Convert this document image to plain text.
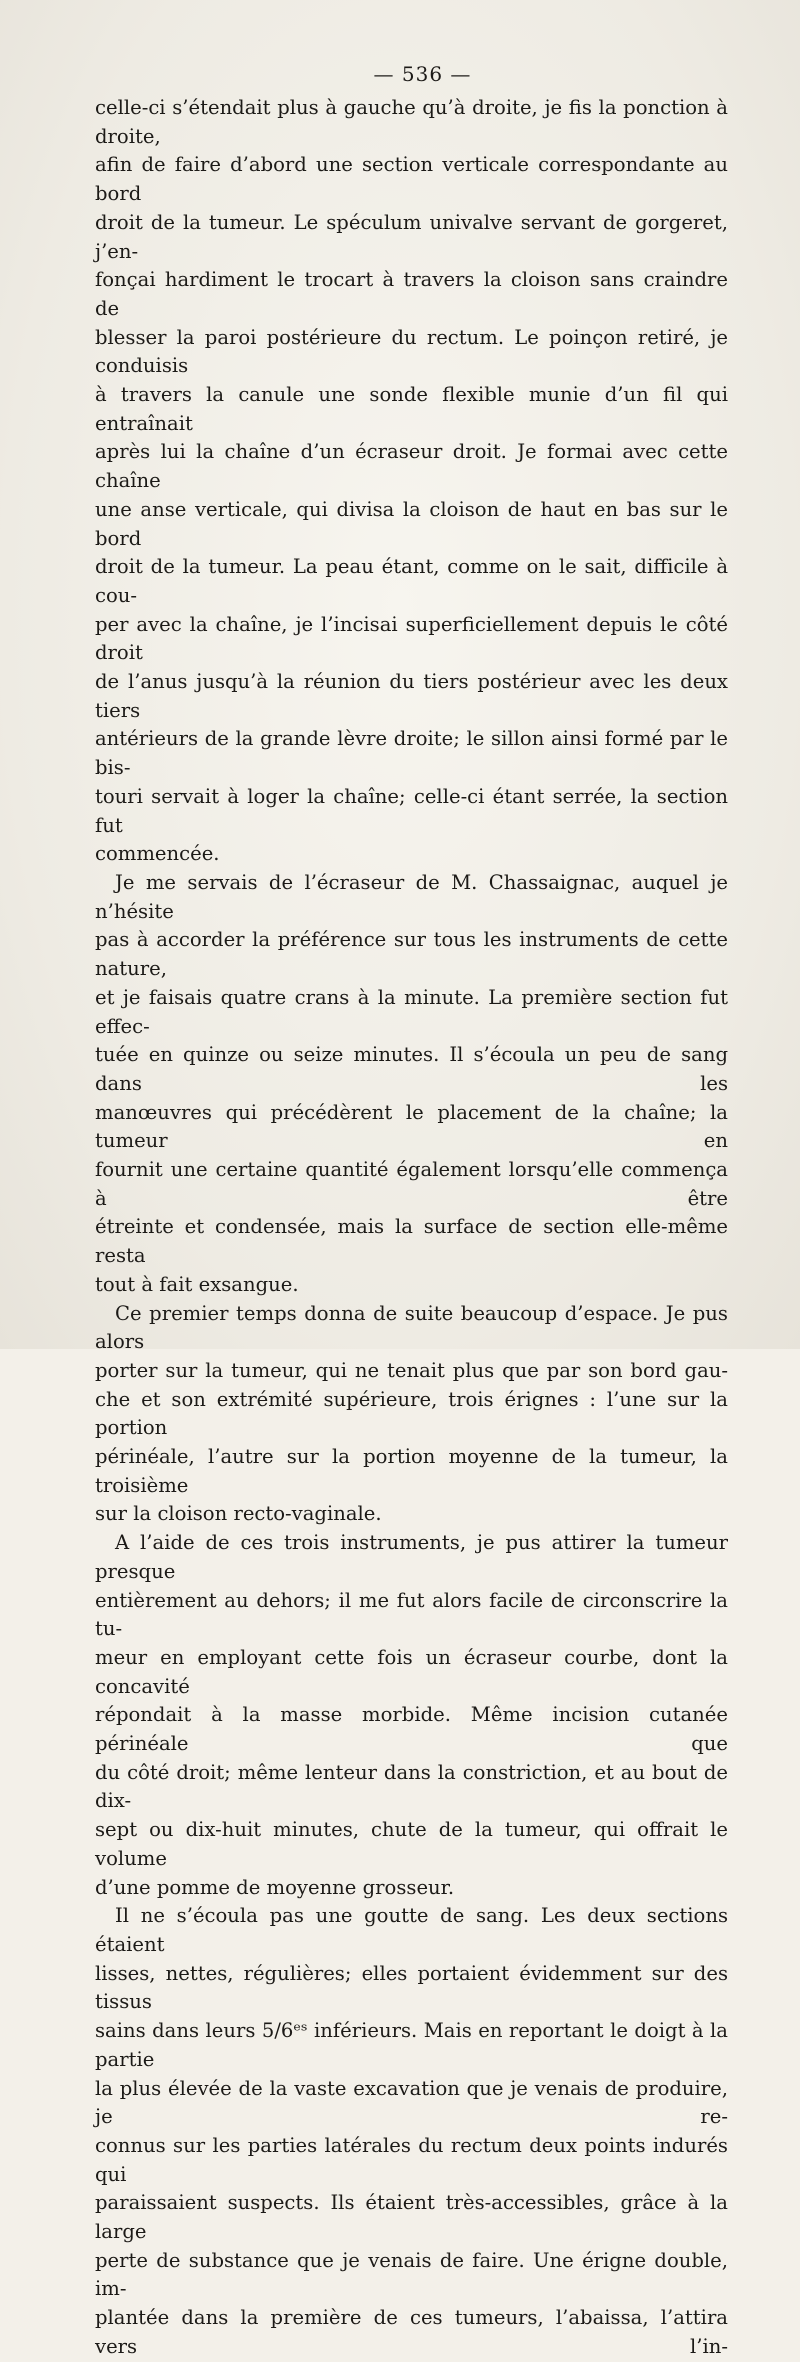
— 536 —

celle-ci s’étendait plus à gauche qu’à droite, je fis la ponction à droite,

afin de faire d’abord une section verticale correspondante au bord

droit de la tumeur. Le spéculum univalve servant de gorgeret, j’en-

fonçai hardiment le trocart à travers la cloison sans craindre de

blesser la paroi postérieure du rectum. Le poinçon retiré, je conduisis

à travers la canule une sonde flexible munie d’un fil qui entraînait

après lui la chaîne d’un écraseur droit. Je formai avec cette chaîne

une anse verticale, qui divisa la cloison de haut en bas sur le bord

droit de la tumeur. La peau étant, comme on le sait, difficile à cou-

per avec la chaîne, je l’incisai superficiellement depuis le côté droit

de l’anus jusqu’à la réunion du tiers postérieur avec les deux tiers

antérieurs de la grande lèvre droite; le sillon ainsi formé par le bis-

touri servait à loger la chaîne; celle-ci étant serrée, la section fut

commencée.

Je me servais de l’écraseur de M. Chassaignac, auquel je n’hésite

pas à accorder la préférence sur tous les instruments de cette nature,

et je faisais quatre crans à la minute. La première section fut effec-

tuée en quinze ou seize minutes. Il s’écoula un peu de sang dans les

manœuvres qui précédèrent le placement de la chaîne; la tumeur en

fournit une certaine quantité également lorsqu’elle commença à être

étreinte et condensée, mais la surface de section elle-même resta

tout à fait exsangue.

Ce premier temps donna de suite beaucoup d’espace. Je pus alors

porter sur la tumeur, qui ne tenait plus que par son bord gau-

che et son extrémité supérieure, trois érignes : l’une sur la portion

périnéale, l’autre sur la portion moyenne de la tumeur, la troisième

sur la cloison recto-vaginale.

A l’aide de ces trois instruments, je pus attirer la tumeur presque

entièrement au dehors; il me fut alors facile de circonscrire la tu-

meur en employant cette fois un écraseur courbe, dont la concavité

répondait à la masse morbide. Même incision cutanée périnéale que

du côté droit; même lenteur dans la constriction, et au bout de dix-

sept ou dix-huit minutes, chute de la tumeur, qui offrait le volume

d’une pomme de moyenne grosseur.

Il ne s’écoula pas une goutte de sang. Les deux sections étaient

lisses, nettes, régulières; elles portaient évidemment sur des tissus

sains dans leurs 5/6ᵉˢ inférieurs. Mais en reportant le doigt à la partie

la plus élevée de la vaste excavation que je venais de produire, je re-

connus sur les parties latérales du rectum deux points indurés qui

paraissaient suspects. Ils étaient très-accessibles, grâce à la large

perte de substance que je venais de faire. Une érigne double, im-

plantée dans la première de ces tumeurs, l’abaissa, l’attira vers l’in-
